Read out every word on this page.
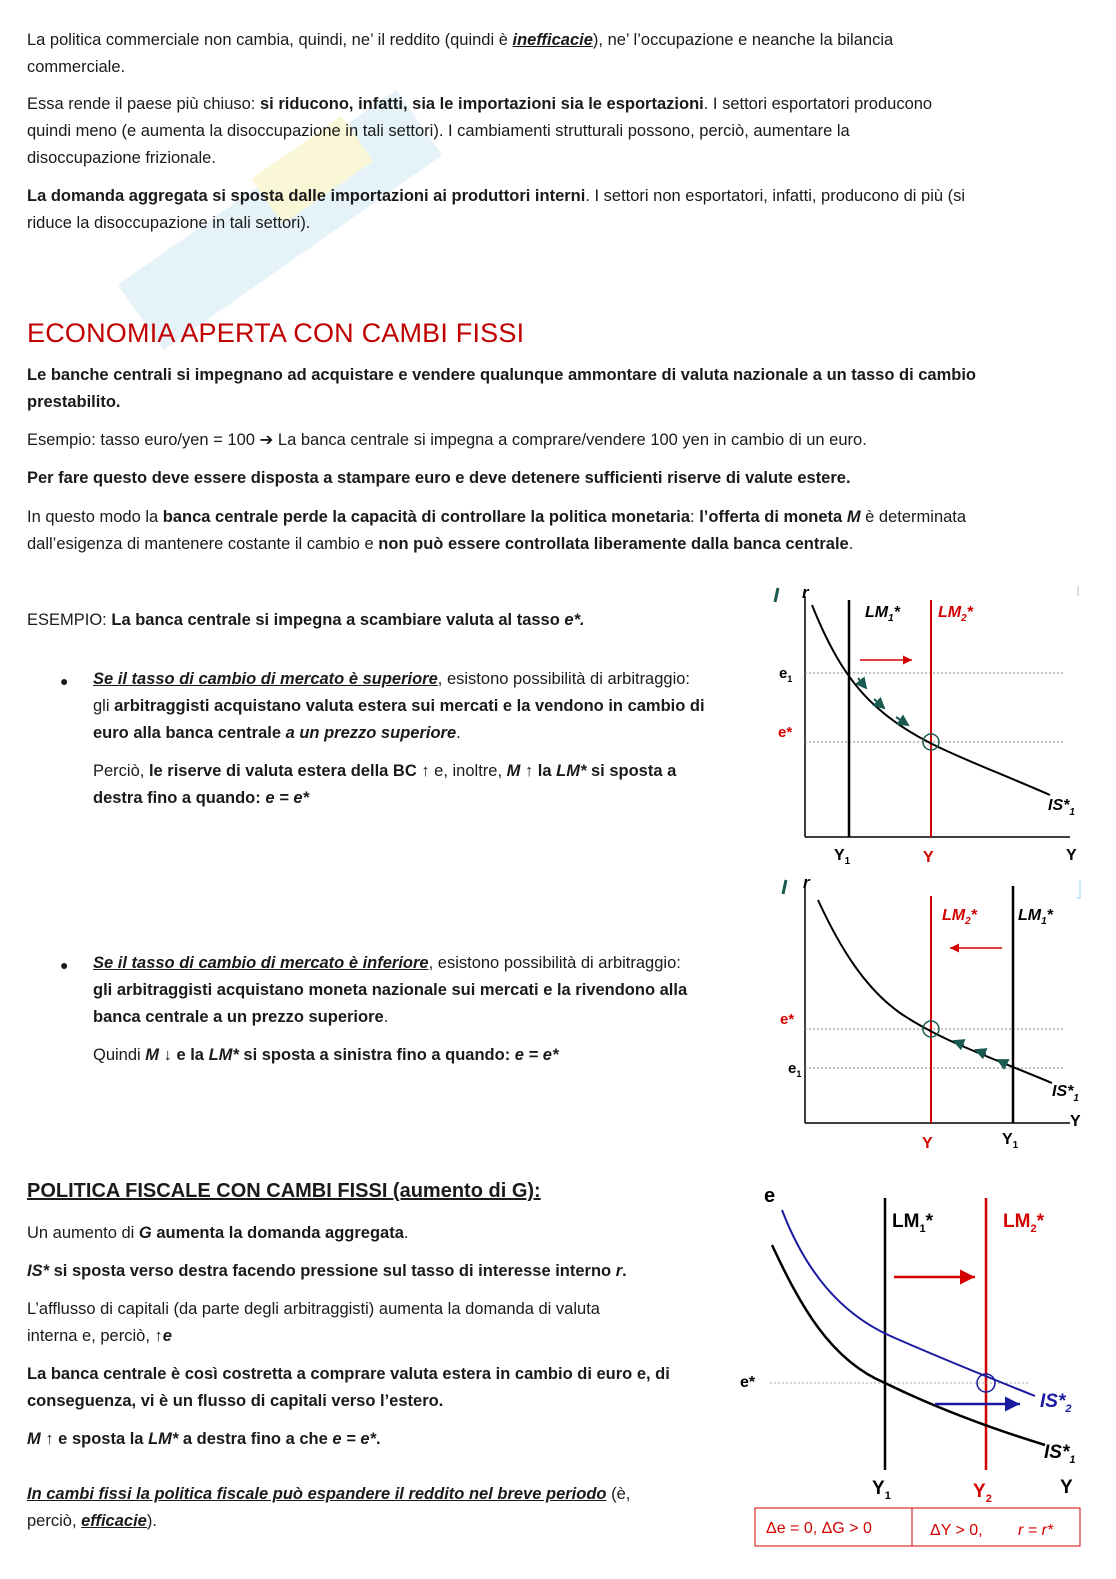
La politica commerciale non cambia, quindi, ne’ il reddito (quindi è inefficacie), ne’ l’occupazione e neanche la bilancia

commerciale.

Essa rende il paese più chiuso: si riducono, infatti, sia le importazioni sia le esportazioni. I settori esportatori producono

quindi meno (e aumenta la disoccupazione in tali settori). I cambiamenti strutturali possono, perciò, aumentare la

disoccupazione frizionale.

La domanda aggregata si sposta dalle importazioni ai produttori interni. I settori non esportatori, infatti, producono di più (si

riduce la disoccupazione in tali settori).

ECONOMIA APERTA CON CAMBI FISSI

Le banche centrali si impegnano ad acquistare e vendere qualunque ammontare di valuta nazionale a un tasso di cambio

prestabilito.

Esempio: tasso euro/yen = 100 ➔ La banca centrale si impegna a comprare/vendere 100 yen in cambio di un euro.

Per fare questo deve essere disposta a stampare euro e deve detenere sufficienti riserve di valute estere.

In questo modo la banca centrale perde la capacità di controllare la politica monetaria: l’offerta di moneta M è determinata

dall’esigenza di mantenere costante il cambio e non può essere controllata liberamente dalla banca centrale.

ESEMPIO: La banca centrale si impegna a scambiare valuta al tasso e*.

● Se il tasso di cambio di mercato è superiore, esistono possibilità di arbitraggio:

gli arbitraggisti acquistano valuta estera sui mercati e la vendono in cambio di

euro alla banca centrale a un prezzo superiore.

Perciò, le riserve di valuta estera della BC ↑ e, inoltre, M ↑ la LM* si sposta a

destra fino a quando: e = e*

● Se il tasso di cambio di mercato è inferiore, esistono possibilità di arbitraggio:

gli arbitraggisti acquistano moneta nazionale sui mercati e la rivendono alla

banca centrale a un prezzo superiore.

Quindi M ↓ e la LM* si sposta a sinistra fino a quando: e = e*

POLITICA FISCALE CON CAMBI FISSI (aumento di G):

Un aumento di G aumenta la domanda aggregata.

IS* si sposta verso destra facendo pressione sul tasso di interesse interno r.

L’afflusso di capitali (da parte degli arbitraggisti) aumenta la domanda di valuta

interna e, perciò, ↑e

La banca centrale è così costretta a comprare valuta estera in cambio di euro e, di

conseguenza, vi è un flusso di capitali verso l’estero.

M ↑ e sposta la LM* a destra fino a che e = e*.

In cambi fissi la politica fiscale può espandere il reddito nel breve periodo (è,

perciò, efficacie).

r
$LM_1*$ $LM_2*$
$e_1$
e*
$IS*_1$
$Y_1$	Y	Y
r
$LM_2*$	$LM_1*$
e*
$e_1$
$IS*_1$
Y
Y	$Y_1$
e
$LM_1*$	$LM_2*$
e*
$IS*_2$
$IS*_1$
$Y_1$	$Y_2$
Y
Δe = 0, ΔG > 0	ΔY > 0, r = r*
